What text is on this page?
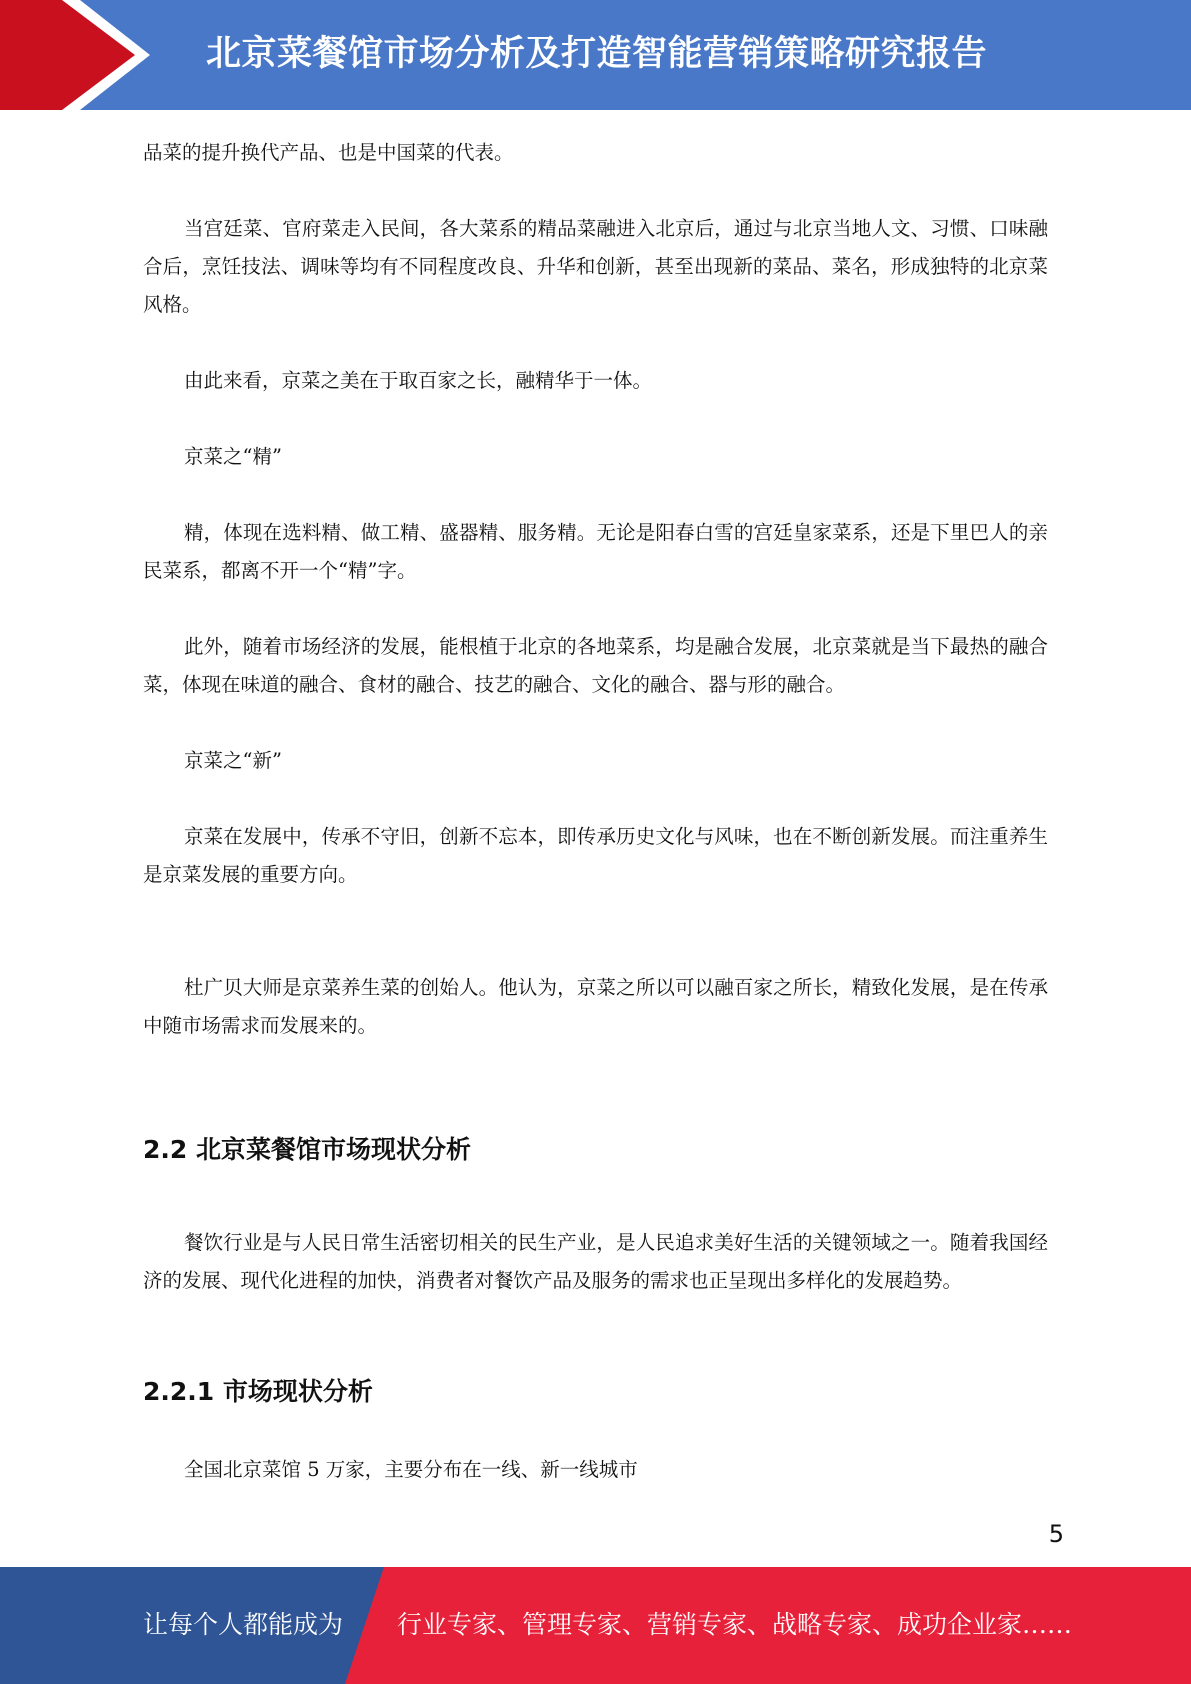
北京菜餐馆市场分析及打造智能营销策略研究报告

品菜的提升换代产品、也是中国菜的代表。

当宫廷菜、官府菜走入民间，各大菜系的精品菜融进入北京后，通过与北京当地人文、习惯、口味融合后，烹饪技法、调味等均有不同程度改良、升华和创新，甚至出现新的菜品、菜名，形成独特的北京菜风格。

由此来看，京菜之美在于取百家之长，融精华于一体。

京菜之“精”

精，体现在选料精、做工精、盛器精、服务精。无论是阳春白雪的宫廷皇家菜系，还是下里巴人的亲民菜系，都离不开一个“精”字。

此外，随着市场经济的发展，能根植于北京的各地菜系，均是融合发展，北京菜就是当下最热的融合菜，体现在味道的融合、食材的融合、技艺的融合、文化的融合、器与形的融合。

京菜之“新”

京菜在发展中，传承不守旧，创新不忘本，即传承历史文化与风味，也在不断创新发展。而注重养生是京菜发展的重要方向。

杜广贝大师是京菜养生菜的创始人。他认为，京菜之所以可以融百家之所长，精致化发展，是在传承中随市场需求而发展来的。

2.2 北京菜餐馆市场现状分析

餐饮行业是与人民日常生活密切相关的民生产业，是人民追求美好生活的关键领域之一。随着我国经济的发展、现代化进程的加快，消费者对餐饮产品及服务的需求也正呈现出多样化的发展趋势。

2.2.1 市场现状分析

全国北京菜馆 5 万家，主要分布在一线、新一线城市

5
让每个人都能成为 行业专家、管理专家、营销专家、战略专家、成功企业家……
